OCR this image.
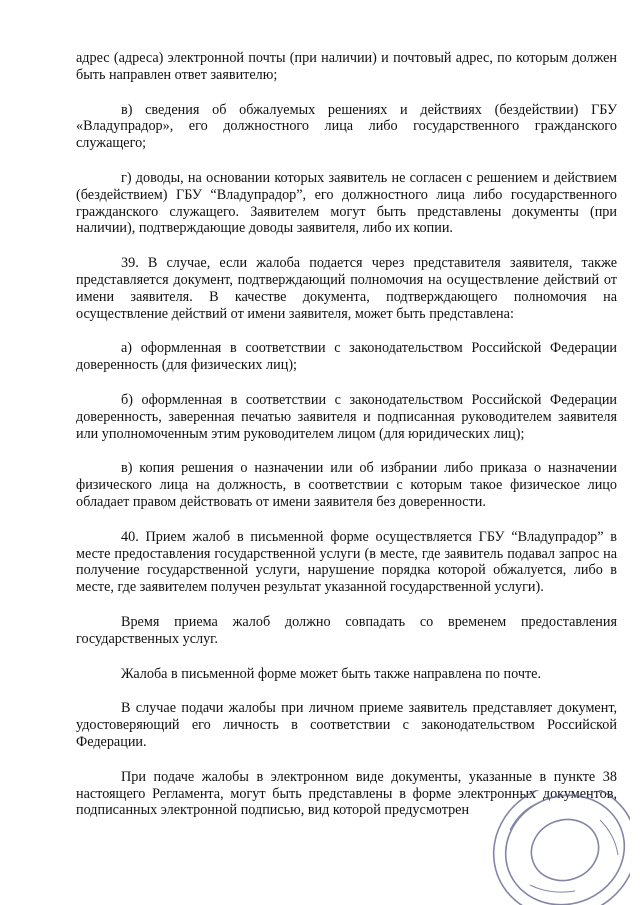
адрес (адреса) электронной почты (при наличии) и почтовый адрес, по которым должен быть направлен ответ заявителю;

в) сведения об обжалуемых решениях и действиях (бездействии) ГБУ «Владупрадор», его должностного лица либо государственного гражданского служащего;

г) доводы, на основании которых заявитель не согласен с решением и действием (бездействием) ГБУ “Владупрадор”, его должностного лица либо государственного гражданского служащего. Заявителем могут быть представлены документы (при наличии), подтверждающие доводы заявителя, либо их копии.

39. В случае, если жалоба подается через представителя заявителя, также представляется документ, подтверждающий полномочия на осуществление действий от имени заявителя. В качестве документа, подтверждающего полномочия на осуществление действий от имени заявителя, может быть представлена:

а) оформленная в соответствии с законодательством Российской Федерации доверенность (для физических лиц);

б) оформленная в соответствии с законодательством Российской Федерации доверенность, заверенная печатью заявителя и подписанная руководителем заявителя или уполномоченным этим руководителем лицом (для юридических лиц);

в) копия решения о назначении или об избрании либо приказа о назначении физического лица на должность, в соответствии с которым такое физическое лицо обладает правом действовать от имени заявителя без доверенности.

40. Прием жалоб в письменной форме осуществляется ГБУ “Владупрадор” в месте предоставления государственной услуги (в месте, где заявитель подавал запрос на получение государственной услуги, нарушение порядка которой обжалуется, либо в месте, где заявителем получен результат указанной государственной услуги).

Время приема жалоб должно совпадать со временем предоставления государственных услуг.

Жалоба в письменной форме может быть также направлена по почте.

В случае подачи жалобы при личном приеме заявитель представляет документ, удостоверяющий его личность в соответствии с законодательством Российской Федерации.

При подаче жалобы в электронном виде документы, указанные в пункте 38 настоящего Регламента, могут быть представлены в форме электронных документов, подписанных электронной подписью, вид которой предусмотрен
